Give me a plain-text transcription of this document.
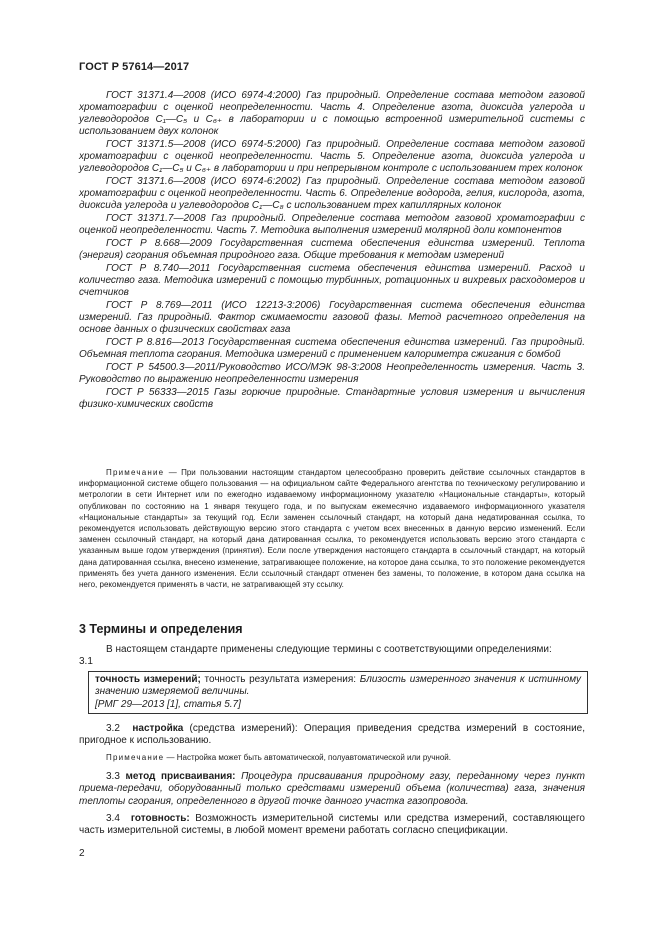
ГОСТ Р 57614—2017

ГОСТ 31371.4—2008 (ИСО 6974-4:2000) Газ природный. Определение состава методом газовой хроматографии с оценкой неопределенности. Часть 4. Определение азота, диоксида углерода и углеводородов C₁—C₅ и C₆₊ в лаборатории и с помощью встроенной измерительной системы с использованием двух колонок

ГОСТ 31371.5—2008 (ИСО 6974-5:2000) Газ природный. Определение состава методом газовой хроматографии с оценкой неопределенности. Часть 5. Определение азота, диоксида углерода и углеводородов C₁—C₅ и C₆₊ в лаборатории и при непрерывном контроле с использованием трех колонок

ГОСТ 31371.6—2008 (ИСО 6974-6:2002) Газ природный. Определение состава методом газовой хроматографии с оценкой неопределенности. Часть 6. Определение водорода, гелия, кислорода, азота, диоксида углерода и углеводородов C₁—C₈ с использованием трех капиллярных колонок

ГОСТ 31371.7—2008 Газ природный. Определение состава методом газовой хроматографии с оценкой неопределенности. Часть 7. Методика выполнения измерений молярной доли компонентов

ГОСТ Р 8.668—2009 Государственная система обеспечения единства измерений. Теплота (энергия) сгорания объемная природного газа. Общие требования к методам измерений

ГОСТ Р 8.740—2011 Государственная система обеспечения единства измерений. Расход и количество газа. Методика измерений с помощью турбинных, ротационных и вихревых расходомеров и счетчиков

ГОСТ Р 8.769—2011 (ИСО 12213-3:2006) Государственная система обеспечения единства измерений. Газ природный. Фактор сжимаемости газовой фазы. Метод расчетного определения на основе данных о физических свойствах газа

ГОСТ Р 8.816—2013 Государственная система обеспечения единства измерений. Газ природный. Объемная теплота сгорания. Методика измерений с применением калориметра сжигания с бомбой

ГОСТ Р 54500.3—2011/Руководство ИСО/МЭК 98-3:2008 Неопределенность измерения. Часть 3. Руководство по выражению неопределенности измерения

ГОСТ Р 56333—2015 Газы горючие природные. Стандартные условия измерения и вычисления физико-химических свойств

Примечание — При пользовании настоящим стандартом целесообразно проверить действие ссылочных стандартов в информационной системе общего пользования — на официальном сайте Федерального агентства по техническому регулированию и метрологии в сети Интернет или по ежегодно издаваемому информационному указателю «Национальные стандарты», который опубликован по состоянию на 1 января текущего года, и по выпускам ежемесячно издаваемого информационного указателя «Национальные стандарты» за текущий год. Если заменен ссылочный стандарт, на который дана недатированная ссылка, то рекомендуется использовать действующую версию этого стандарта с учетом всех внесенных в данную версию изменений. Если заменен ссылочный стандарт, на который дана датированная ссылка, то рекомендуется использовать версию этого стандарта с указанным выше годом утверждения (принятия). Если после утверждения настоящего стандарта в ссылочный стандарт, на который дана датированная ссылка, внесено изменение, затрагивающее положение, на которое дана ссылка, то это положение рекомендуется применять без учета данного изменения. Если ссылочный стандарт отменен без замены, то положение, в котором дана ссылка на него, рекомендуется применять в части, не затрагивающей эту ссылку.

3 Термины и определения

В настоящем стандарте применены следующие термины с соответствующими определениями:
3.1

точность измерений; точность результата измерения: Близость измеренного значения к истинному значению измеряемой величины.
[РМГ 29—2013 [1], статья 5.7]

3.2 настройка (средства измерений): Операция приведения средства измерений в состояние, пригодное к использованию.

Примечание — Настройка может быть автоматической, полуавтоматической или ручной.

3.3 метод присваивания: Процедура присваивания природному газу, переданному через пункт приема-передачи, оборудованный только средствами измерений объема (количества) газа, значения теплоты сгорания, определенного в другой точке данного участка газопровода.

3.4 готовность: Возможность измерительной системы или средства измерений, составляющего часть измерительной системы, в любой момент времени работать согласно спецификации.

2
